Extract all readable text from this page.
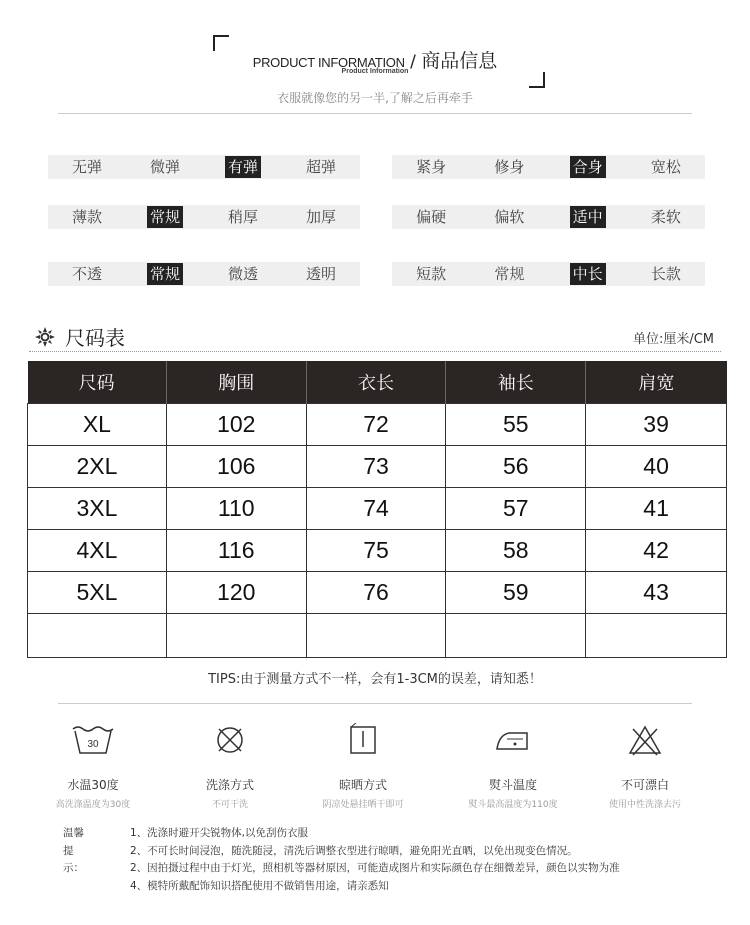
PRODUCT INFORMATION / 商品信息
Product Information
衣服就像您的另一半,了解之后再牵手
无弹	微弹	有弹	超弹	紧身	修身	合身	宽松
薄款	常规	稍厚	加厚	偏硬	偏软	适中	柔软
不透	常规	微透	透明	短款	常规	中长	长款
尺码表	单位:厘米/CM
尺码	胸围	衣长	袖长	肩宽
XL	102	72	55	39
2XL	106	73	56	40
3XL	110	74	57	41
4XL	116	75	58	42
5XL	120	76	59	43

TIPS:由于测量方式不一样，会有1-3CM的误差，请知悉！
30
水温30度
高洗涤温度为30度
洗涤方式
不可干洗
晾晒方式
阴凉处悬挂晒干即可
熨斗温度
熨斗最高温度为110度
不可漂白
使用中性洗涤去污
温馨提示：
1、洗涤时避开尖锐物体,以免刮伤衣服
2、不可长时间浸泡，随洗随浸，清洗后调整衣型进行晾晒，避免阳光直晒，以免出现变色情况。
2、因拍摄过程中由于灯光，照相机等器材原因，可能造成图片和实际颜色存在细微差异，颜色以实物为准
4、模特所戴配饰知识搭配使用不做销售用途，请亲悉知
